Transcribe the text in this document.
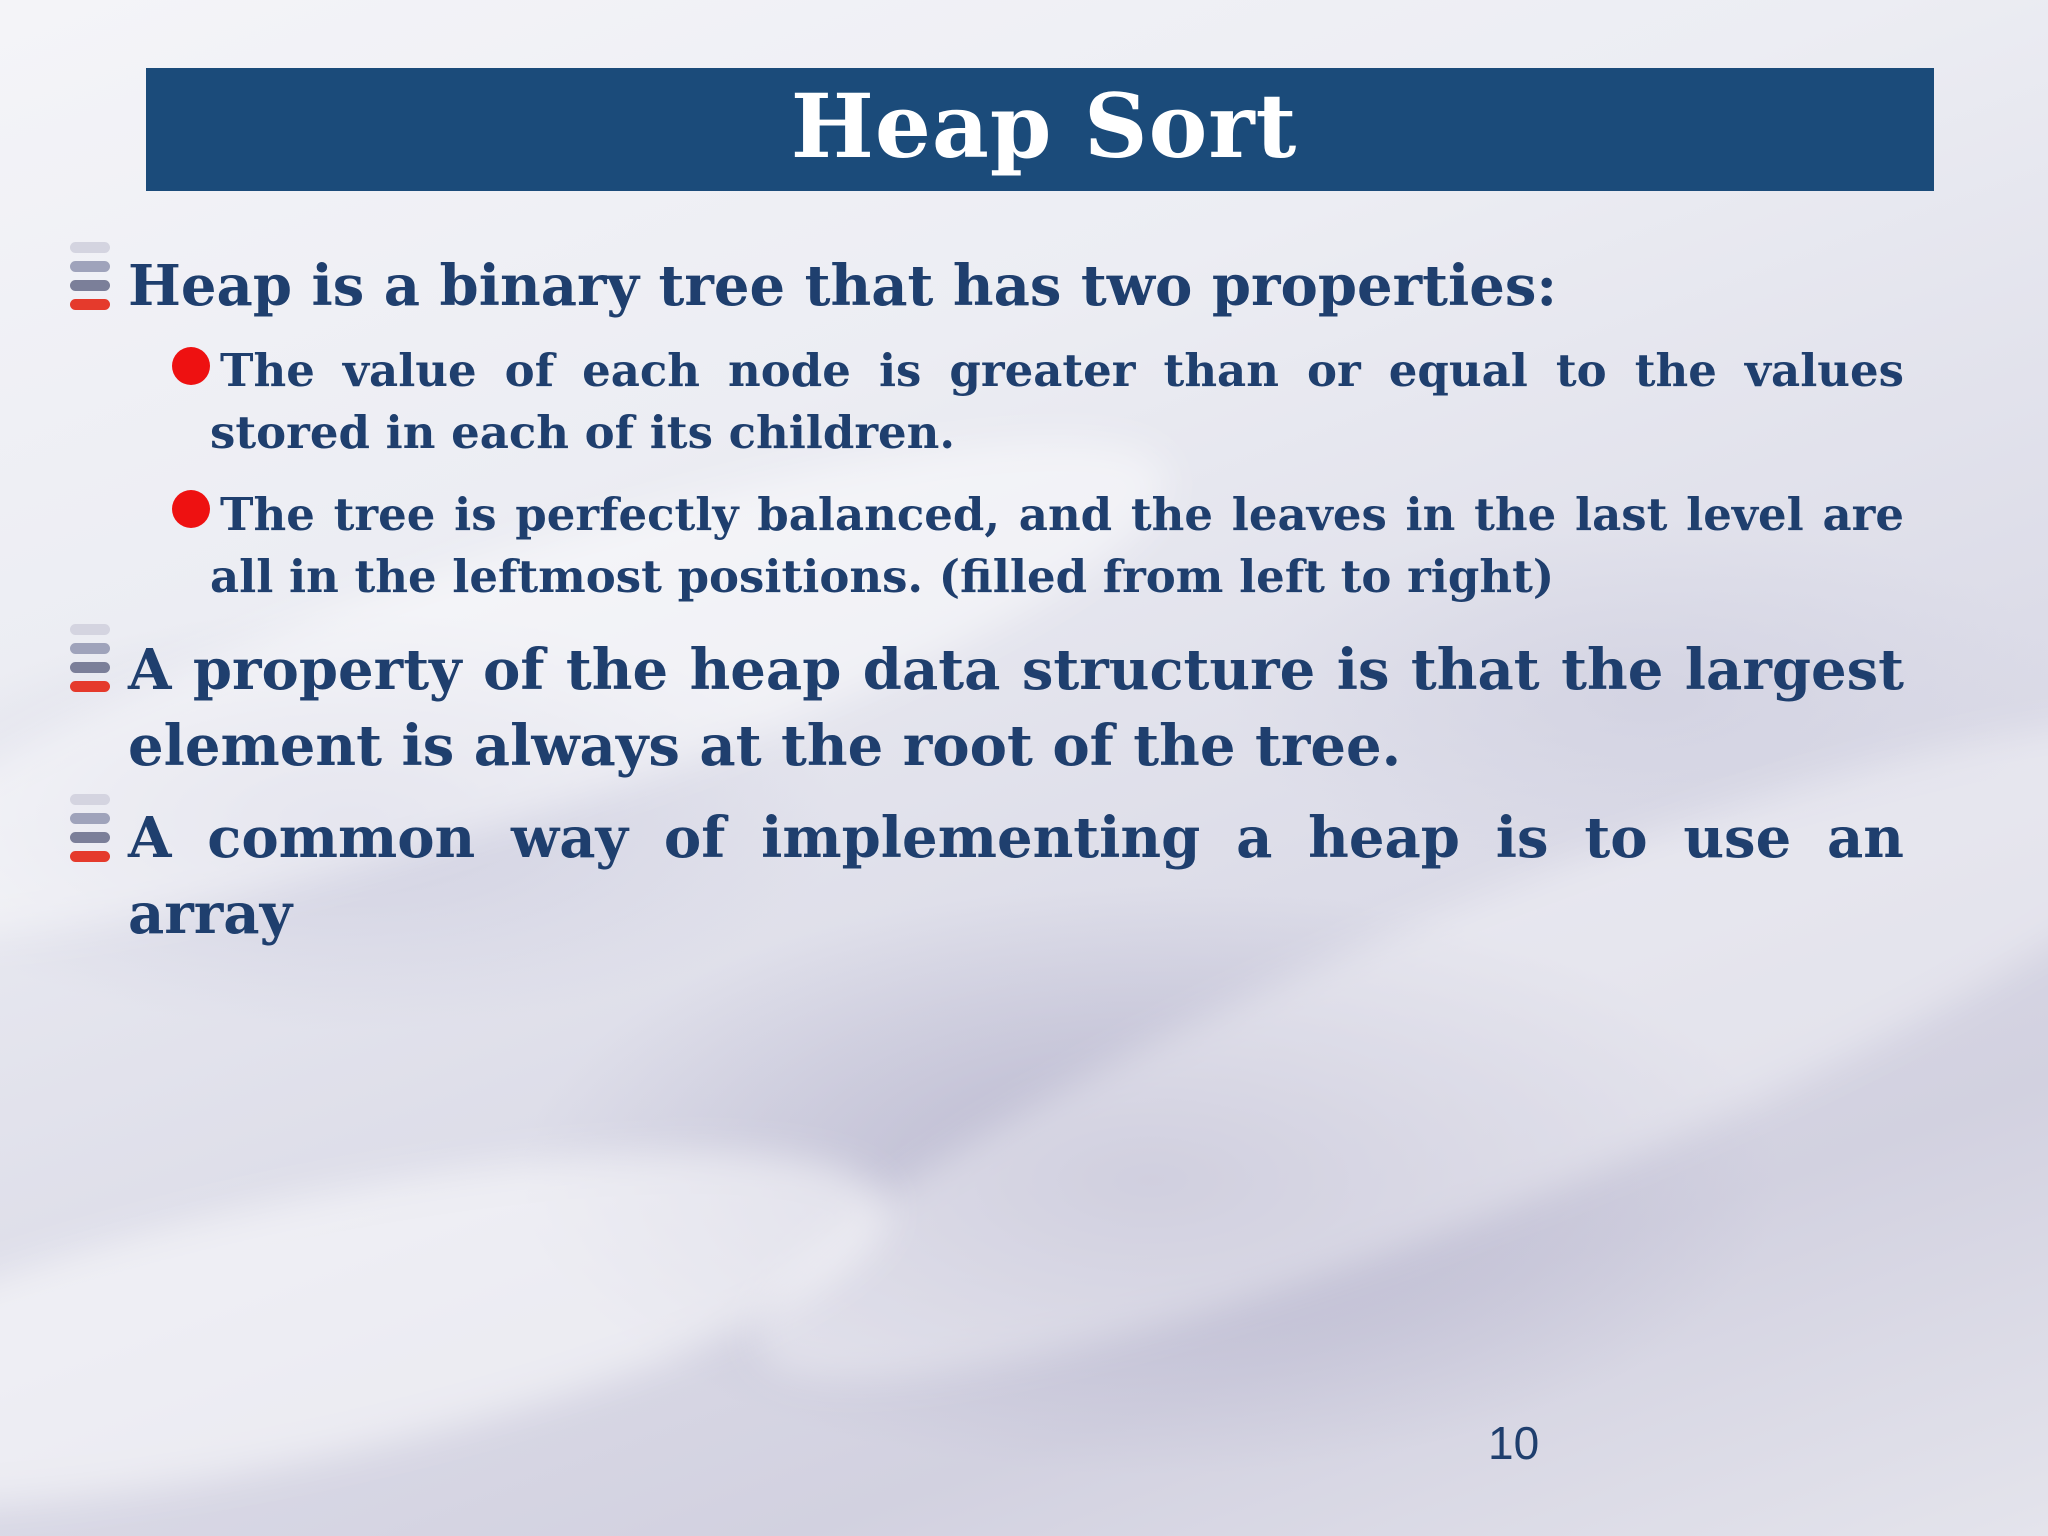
Heap Sort
Heap is a binary tree that has two properties:
The value of each node is greater than or equal to the values stored in each of its children.
The tree is perfectly balanced, and the leaves in the last level are all in the leftmost positions. (filled from left to right)
A property of the heap data structure is that the largest element is always at the root of the tree.
A common way of implementing a heap is to use an array
10
